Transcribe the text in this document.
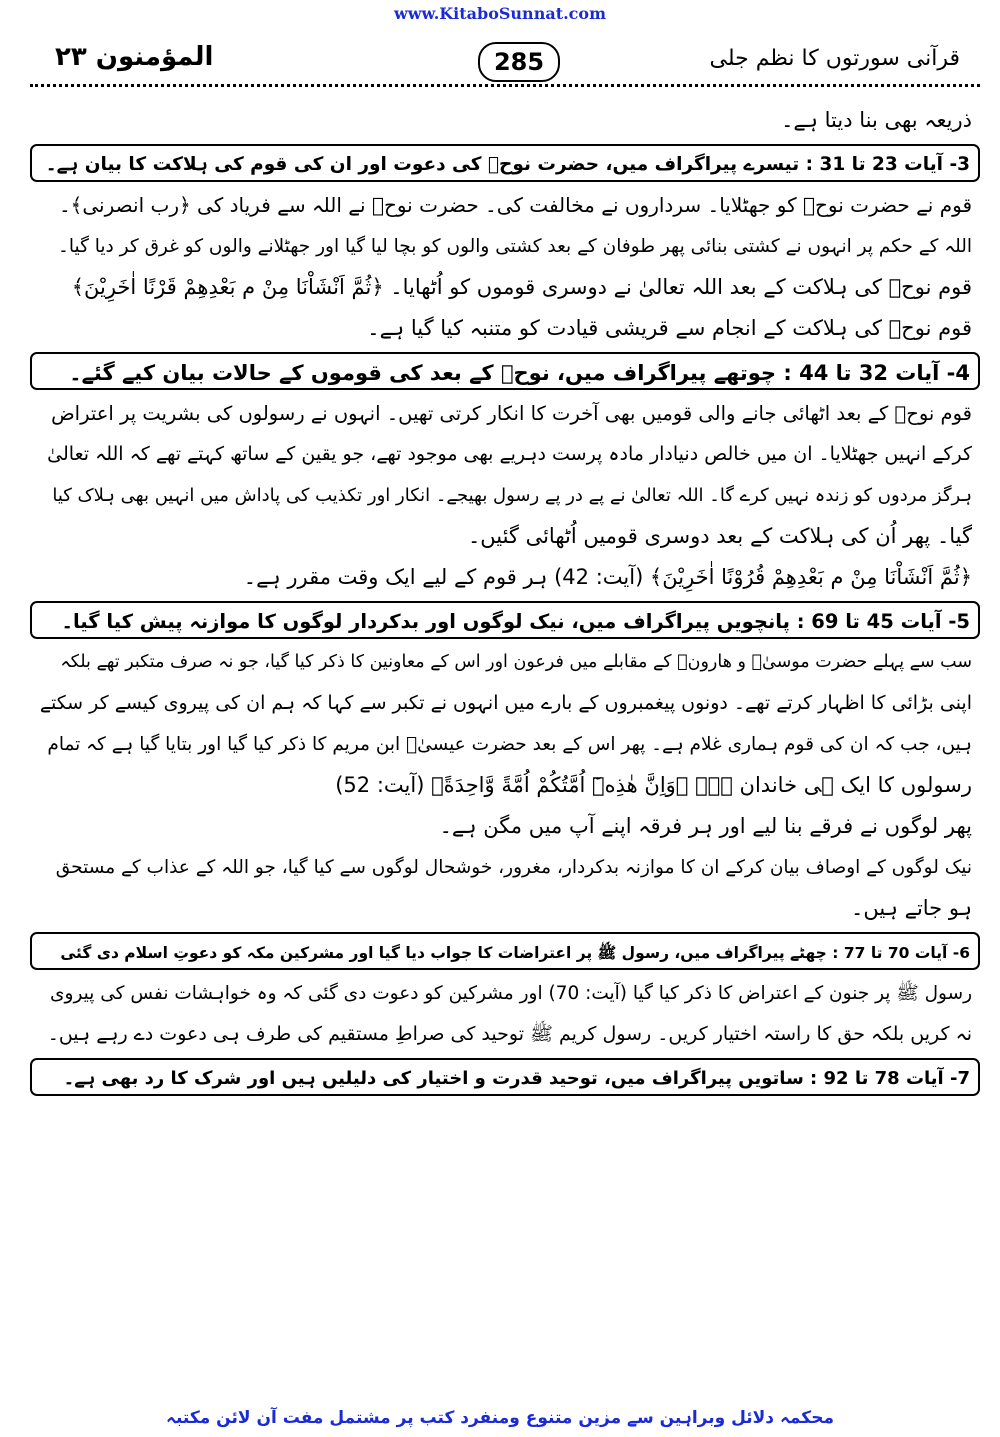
www.KitaboSunnat.com
المؤمنون ۲۳	285	قرآنی سورتوں کا نظم جلی
ذریعہ بھی بنا دیتا ہے۔
3- آیات 23 تا 31 : تیسرے پیراگراف میں، حضرت نوحؑ کی دعوت اور ان کی قوم کی ہلاکت کا بیان ہے۔
قوم نے حضرت نوحؑ کو جھٹلایا۔ سرداروں نے مخالفت کی۔ حضرت نوحؑ نے اللہ سے فریاد کی ﴿رب انصرنی﴾۔
اللہ کے حکم پر انہوں نے کشتی بنائی پھر طوفان کے بعد کشتی والوں کو بچا لیا گیا اور جھٹلانے والوں کو غرق کر دیا گیا۔
قوم نوحؑ کی ہلاکت کے بعد اللہ تعالیٰ نے دوسری قوموں کو اُٹھایا۔ ﴿ثُمَّ اَنْشَاْنَا مِنْ م بَعْدِهِمْ قَرْنًا اٰخَرِيْنَ﴾
قوم نوحؑ کی ہلاکت کے انجام سے قریشی قیادت کو متنبہ کیا گیا ہے۔
4- آیات 32 تا 44 : چوتھے پیراگراف میں، نوحؑ کے بعد کی قوموں کے حالات بیان کیے گئے۔
قوم نوحؑ کے بعد اٹھائی جانے والی قومیں بھی آخرت کا انکار کرتی تھیں۔ انہوں نے رسولوں کی بشریت پر اعتراض
کرکے انہیں جھٹلایا۔ ان میں خالص دنیادار مادہ پرست دہریے بھی موجود تھے، جو یقین کے ساتھ کہتے تھے کہ اللہ تعالیٰ
ہرگز مردوں کو زندہ نہیں کرے گا۔ اللہ تعالیٰ نے پے در پے رسول بھیجے۔ انکار اور تکذیب کی پاداش میں انہیں بھی ہلاک کیا
گیا۔ پھر اُن کی ہلاکت کے بعد دوسری قومیں اُٹھائی گئیں۔
﴿ثُمَّ اَنْشَاْنَا مِنْ م بَعْدِهِمْ قُرُوْنًا اٰخَرِيْنَ﴾ (آیت: 42) ہر قوم کے لیے ایک وقت مقرر ہے۔
5- آیات 45 تا 69 : پانچویں پیراگراف میں، نیک لوگوں اور بدکردار لوگوں کا موازنہ پیش کیا گیا۔
سب سے پہلے حضرت موسیٰؑ و ھارونؑ کے مقابلے میں فرعون اور اس کے معاونین کا ذکر کیا گیا، جو نہ صرف متکبر تھے بلکہ
اپنی بڑائی کا اظہار کرتے تھے۔ دونوں پیغمبروں کے بارے میں انہوں نے تکبر سے کہا کہ ہم ان کی پیروی کیسے کر سکتے
ہیں، جب کہ ان کی قوم ہماری غلام ہے۔ پھر اس کے بعد حضرت عیسیٰؑ ابن مریم کا ذکر کیا گیا اور بتایا گیا ہے کہ تمام
رسولوں کا ایک ہی خاندان ہے۔ ﴿وَاِنَّ هٰذِهٖٓ اُمَّتُكُمْ اُمَّةً وَّاحِدَةً﴾ (آیت: 52)
پھر لوگوں نے فرقے بنا لیے اور ہر فرقہ اپنے آپ میں مگن ہے۔
نیک لوگوں کے اوصاف بیان کرکے ان کا موازنہ بدکردار، مغرور، خوشحال لوگوں سے کیا گیا، جو اللہ کے عذاب کے مستحق
ہو جاتے ہیں۔
6- آیات 70 تا 77 : چھٹے پیراگراف میں، رسول ﷺ پر اعتراضات کا جواب دیا گیا اور مشرکین مکہ کو دعوتِ اسلام دی گئی
رسول ﷺ پر جنون کے اعتراض کا ذکر کیا گیا (آیت: 70) اور مشرکین کو دعوت دی گئی کہ وہ خواہشات نفس کی پیروی
نہ کریں بلکہ حق کا راستہ اختیار کریں۔ رسول کریم ﷺ توحید کی صراطِ مستقیم کی طرف ہی دعوت دے رہے ہیں۔
7- آیات 78 تا 92 : ساتویں پیراگراف میں، توحید قدرت و اختیار کی دلیلیں ہیں اور شرک کا رد بھی ہے۔
محکمہ دلائل وبراہین سے مزین متنوع ومنفرد کتب پر مشتمل مفت آن لائن مکتبہ
